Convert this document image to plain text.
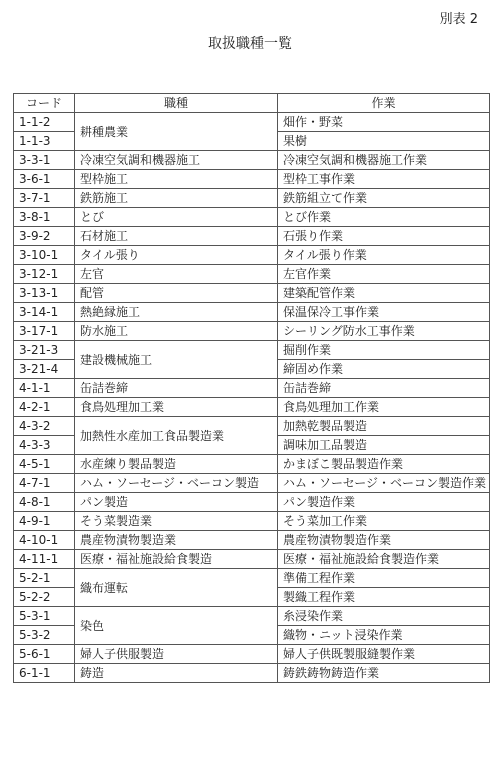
別表 2
取扱職種一覧
コード	職種	作業
1-1-2	耕種農業	畑作・野菜
1-1-3		果樹
3-3-1	冷凍空気調和機器施工	冷凍空気調和機器施工作業
3-6-1	型枠施工	型枠工事作業
3-7-1	鉄筋施工	鉄筋組立て作業
3-8-1	とび	とび作業
3-9-2	石材施工	石張り作業
3-10-1	タイル張り	タイル張り作業
3-12-1	左官	左官作業
3-13-1	配管	建築配管作業
3-14-1	熱絶縁施工	保温保冷工事作業
3-17-1	防水施工	シーリング防水工事作業
3-21-3	建設機械施工	掘削作業
3-21-4		締固め作業
4-1-1	缶詰巻締	缶詰巻締
4-2-1	食鳥処理加工業	食鳥処理加工作業
4-3-2	加熱性水産加工食品製造業	加熱乾製品製造
4-3-3		調味加工品製造
4-5-1	水産練り製品製造	かまぼこ製品製造作業
4-7-1	ハム・ソーセージ・ベーコン製造	ハム・ソーセージ・ベーコン製造作業
4-8-1	パン製造	パン製造作業
4-9-1	そう菜製造業	そう菜加工作業
4-10-1	農産物漬物製造業	農産物漬物製造作業
4-11-1	医療・福祉施設給食製造	医療・福祉施設給食製造作業
5-2-1	織布運転	準備工程作業
5-2-2		製織工程作業
5-3-1	染色	糸浸染作業
5-3-2		織物・ニット浸染作業
5-6-1	婦人子供服製造	婦人子供既製服縫製作業
6-1-1	鋳造	鋳鉄鋳物鋳造作業
